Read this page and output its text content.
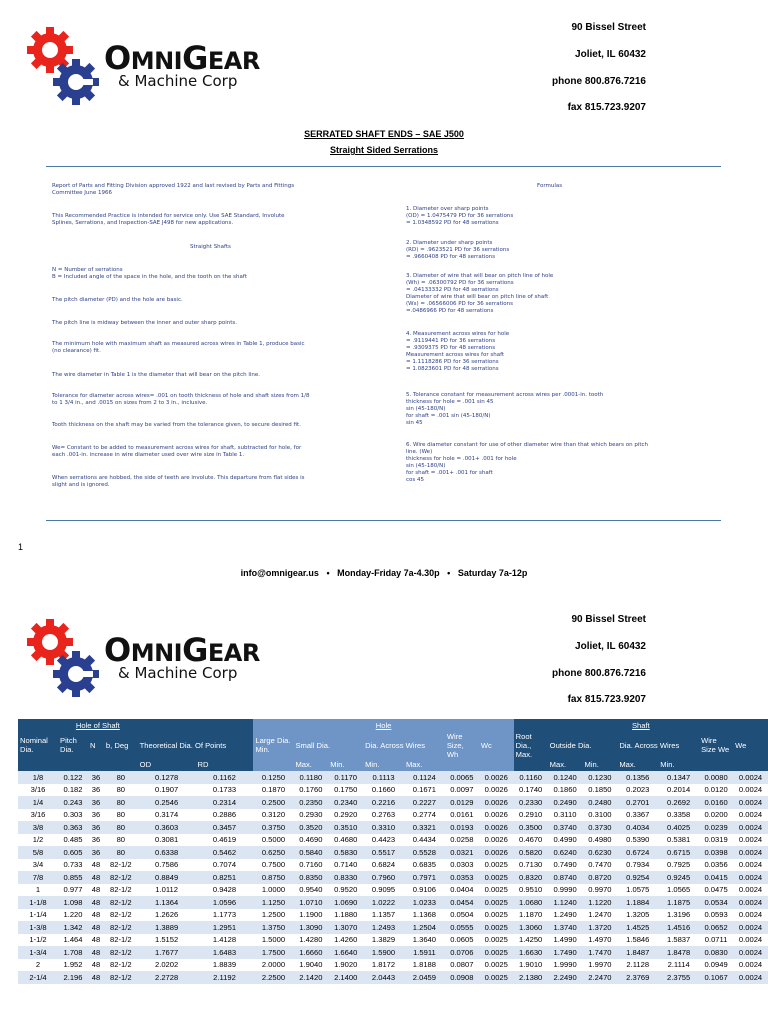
OMNIGEAR
& Machine Corp
90 Bissel Street
Joliet, IL 60432
phone 800.876.7216
fax 815.723.9207
SERRATED SHAFT ENDS – SAE J500
Straight Sided Serrations

Report of Parts and Fitting Division approved 1922 and last revised by Parts and Fittings

Committee June 1966

This Recommended Practice is intended for service only. Use SAE Standard, Involute

Splines, Serrations, and Inspection-SAE J498 for new applications.

Straight Shafts

N = Number of serrations

B = Included angle of the space in the hole, and the tooth on the shaft

The pitch diameter (PD) and the hole are basic.

The pitch line is midway between the inner and outer sharp points.

The minimum hole with maximum shaft as measured across wires in Table 1, produce basic

(no clearance) fit.

The wire diameter in Table 1 is the diameter that will bear on the pitch line.

Tolerance for diameter across wires= .001 on tooth thickness of hole and shaft sizes from 1/8

to 1 3/4 in., and .0015 on sizes from 2 to 3 in., inclusive.

Tooth thickness on the shaft may be varied from the tolerance given, to secure desired fit.

We= Constant to be added to measurement across wires for shaft, subtracted for hole, for

each .001-in. increase in wire diameter used over wire size in Table 1.

When serrations are hobbed, the side of teeth are involute. This departure from flat sides is

slight and is ignored.

Formulas

1. Diameter over sharp points

(OD) = 1.0475479 PD for 36 serrations

= 1.0348592 PD for 48 serrations

2. Diameter under sharp points

(RD) = .9623521 PD for 36 serrations

= .9660408 PD for 48 serrations

3. Diameter of wire that will bear on pitch line of hole

(Wh) = .06300792 PD for 36 serrations

= .04133332 PD for 48 serrations

Diameter of wire that will bear on pitch line of shaft

(Ws) = .06566006 PD for 36 serrations

=.0486966 PD for 48 serrations

4. Measurement across wires for hole

= .9119441 PD for 36 serrations

= .9309375 PD for 48 serrations

Measurement across wires for shaft

= 1.1118286 PD for 36 serrations

= 1.0823601 PD for 48 serrations

5. Tolerance constant for measurement across wires per .0001-in. tooth

thickness for hole = .001 sin 45

sin (45-180/N)

for shaft = .001 sin (45-180/N)

sin 45

6. Wire diameter constant for use of other diameter wire than that which bears on pitch

line. (We)

thickness for hole = .001+ .001 for hole

sin (45-180/N)

for shaft = .001+ .001 for shaft

cos 45

1
info@omnigear.us • Monday-Friday 7a-4.30p • Saturday 7a-12p
OMNIGEAR
& Machine Corp
90 Bissel Street
Joliet, IL 60432
phone 800.876.7216
fax 815.723.9207
	Hole of Shaft					Hole							Shaft						
Nominal Dia.	Pitch Dia.	N	b, Deg	Theoretical Dia. Of Points		Large Dia. Min.	Small Dia.		Dia. Across Wires		Wire Size, Wh	Wc	Root Dia., Max.	Outside Dia.		Dia. Across Wires		Wire Size We	We
				OD	RD		Max.	Min.	Min.	Max.				Max.	Min.	Max.	Min.		
1/8	0.122	36	80	0.1278	0.1162	0.1250	0.1180	0.1170	0.1113	0.1124	0.0065	0.0026	0.1160	0.1240	0.1230	0.1356	0.1347	0.0080	0.0024
3/16	0.182	36	80	0.1907	0.1733	0.1870	0.1760	0.1750	0.1660	0.1671	0.0097	0.0026	0.1740	0.1860	0.1850	0.2023	0.2014	0.0120	0.0024
1/4	0.243	36	80	0.2546	0.2314	0.2500	0.2350	0.2340	0.2216	0.2227	0.0129	0.0026	0.2330	0.2490	0.2480	0.2701	0.2692	0.0160	0.0024
3/16	0.303	36	80	0.3174	0.2886	0.3120	0.2930	0.2920	0.2763	0.2774	0.0161	0.0026	0.2910	0.3110	0.3100	0.3367	0.3358	0.0200	0.0024
3/8	0.363	36	80	0.3603	0.3457	0.3750	0.3520	0.3510	0.3310	0.3321	0.0193	0.0026	0.3500	0.3740	0.3730	0.4034	0.4025	0.0239	0.0024
1/2	0.485	36	80	0.3081	0.4619	0.5000	0.4690	0.4680	0.4423	0.4434	0.0258	0.0026	0.4670	0.4990	0.4980	0.5390	0.5381	0.0319	0.0024
5/8	0.605	36	80	0.6338	0.5462	0.6250	0.5840	0.5830	0.5517	0.5528	0.0321	0.0026	0.5820	0.6240	0.6230	0.6724	0.6715	0.0398	0.0024
3/4	0.733	48	82-1/2	0.7586	0.7074	0.7500	0.7160	0.7140	0.6824	0.6835	0.0303	0.0025	0.7130	0.7490	0.7470	0.7934	0.7925	0.0356	0.0024
7/8	0.855	48	82-1/2	0.8849	0.8251	0.8750	0.8350	0.8330	0.7960	0.7971	0.0353	0.0025	0.8320	0.8740	0.8720	0.9254	0.9245	0.0415	0.0024
1	0.977	48	82-1/2	1.0112	0.9428	1.0000	0.9540	0.9520	0.9095	0.9106	0.0404	0.0025	0.9510	0.9990	0.9970	1.0575	1.0565	0.0475	0.0024
1-1/8	1.098	48	82-1/2	1.1364	1.0596	1.1250	1.0710	1.0690	1.0222	1.0233	0.0454	0.0025	1.0680	1.1240	1.1220	1.1884	1.1875	0.0534	0.0024
1-1/4	1.220	48	82-1/2	1.2626	1.1773	1.2500	1.1900	1.1880	1.1357	1.1368	0.0504	0.0025	1.1870	1.2490	1.2470	1.3205	1.3196	0.0593	0.0024
1-3/8	1.342	48	82-1/2	1.3889	1.2951	1.3750	1.3090	1.3070	1.2493	1.2504	0.0555	0.0025	1.3060	1.3740	1.3720	1.4525	1.4516	0.0652	0.0024
1-1/2	1.464	48	82-1/2	1.5152	1.4128	1.5000	1.4280	1.4260	1.3829	1.3640	0.0605	0.0025	1.4250	1.4990	1.4970	1.5846	1.5837	0.0711	0.0024
1-3/4	1.708	48	82-1/2	1.7677	1.6483	1.7500	1.6660	1.6640	1.5900	1.5911	0.0706	0.0025	1.6630	1.7490	1.7470	1.8487	1.8478	0.0830	0.0024
2	1.952	48	82-1/2	2.0202	1.8839	2.0000	1.9040	1.9020	1.8172	1.8188	0.0807	0.0025	1.9010	1.9990	1.9970	2.1128	2.1114	0.0949	0.0024
2-1/4	2.196	48	82-1/2	2.2728	2.1192	2.2500	2.1420	2.1400	2.0443	2.0459	0.0908	0.0025	2.1380	2.2490	2.2470	2.3769	2.3755	0.1067	0.0024
